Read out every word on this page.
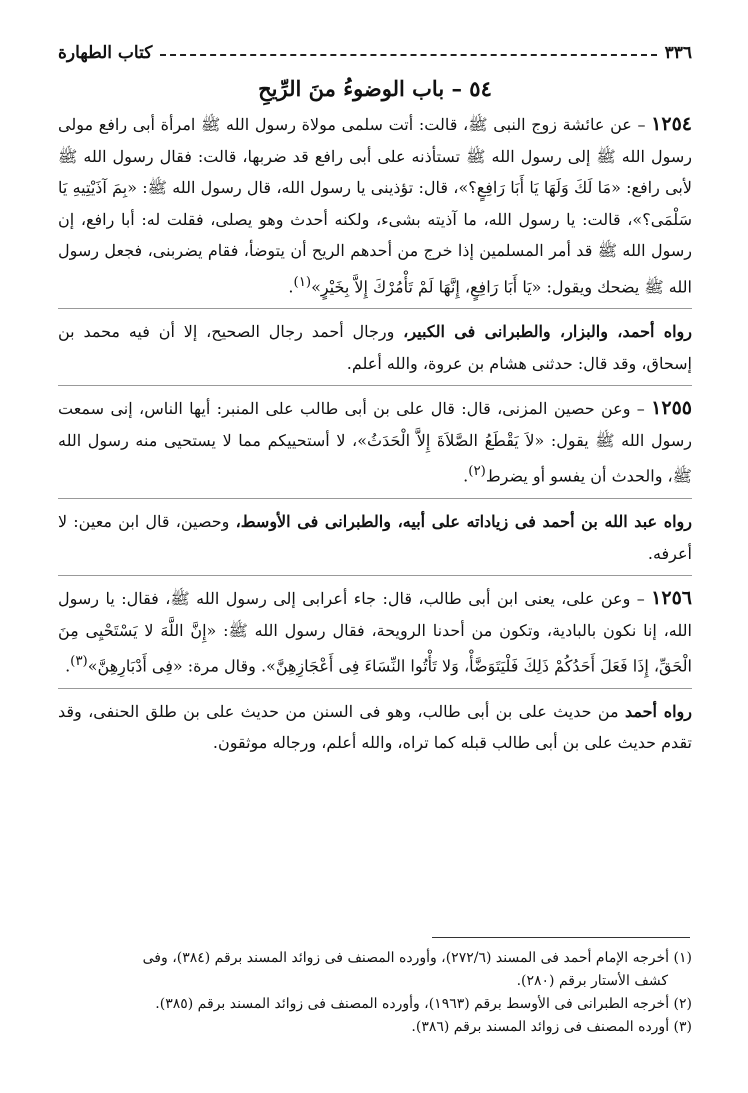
٣٣٦
كتاب الطهارة
٥٤ – باب الوضوءُ منَ الرِّيحِ

١٢٥٤ – عن عائشة زوج النبى ﷺ، قالت: أتت سلمى مولاة رسول الله ﷺ امرأة أبى رافع مولى رسول الله ﷺ إلى رسول الله ﷺ تستأذنه على أبى رافع قد ضربها، قالت: فقال رسول الله ﷺ لأبى رافع: «مَا لَكَ وَلَهَا يَا أَبَا رَافِعٍ؟»، قال: تؤذينى يا رسول الله، قال رسول الله ﷺ: «بِمَ آذَيْتِيهِ يَا سَلْمَى؟»، قالت: يا رسول الله، ما آذيته بشىء، ولكنه أحدث وهو يصلى، فقلت له: أبا رافع، إن رسول الله ﷺ قد أمر المسلمين إذا خرج من أحدهم الريح أن يتوضأ، فقام يضربنى، فجعل رسول الله ﷺ يضحك ويقول: «يَا أَبَا رَافِعٍ، إِنَّهَا لَمْ تَأْمُرْكَ إِلاَّ بِخَيْرٍ»$^{(١)}$.

رواه أحمد، والبزار، والطبرانى فى الكبير، ورجال أحمد رجال الصحيح، إلا أن فيه محمد بن إسحاق، وقد قال: حدثنى هشام بن عروة، والله أعلم.

١٢٥٥ – وعن حصين المزنى، قال: قال على بن أبى طالب على المنبر: أيها الناس، إنى سمعت رسول الله ﷺ يقول: «لاَ يَقْطَعُ الصَّلاَةَ إِلاَّ الْحَدَثُ»، لا أستحييكم مما لا يستحيى منه رسول الله ﷺ، والحدث أن يفسو أو يضرط$^{(٢)}$.

رواه عبد الله بن أحمد فى زياداته على أبيه، والطبرانى فى الأوسط، وحصين، قال ابن معين: لا أعرفه.

١٢٥٦ – وعن على، يعنى ابن أبى طالب، قال: جاء أعرابى إلى رسول الله ﷺ، فقال: يا رسول الله، إنا نكون بالبادية، وتكون من أحدنا الرويحة، فقال رسول الله ﷺ: «إِنَّ اللَّهَ لا يَسْتَحْيِى مِنَ الْحَقِّ، إِذَا فَعَلَ أَحَدُكُمْ ذَلِكَ فَلْيَتَوَضَّأْ، وَلا تَأْتُوا النِّسَاءَ فِى أَعْجَازِهِنَّ». وقال مرة: «فِى أَدْبَارِهِنَّ»$^{(٣)}$.

رواه أحمد من حديث على بن أبى طالب، وهو فى السنن من حديث على بن طلق الحنفى، وقد تقدم حديث على بن أبى طالب قبله كما تراه، والله أعلم، ورجاله موثقون.

(١) أخرجه الإمام أحمد فى المسند (٢٧٢/٦)، وأورده المصنف فى زوائد المسند برقم (٣٨٤)، وفى

كشف الأستار برقم (٢٨٠).

(٢) أخرجه الطبرانى فى الأوسط برقم (١٩٦٣)، وأورده المصنف فى زوائد المسند برقم (٣٨٥).

(٣) أورده المصنف فى زوائد المسند برقم (٣٨٦).
